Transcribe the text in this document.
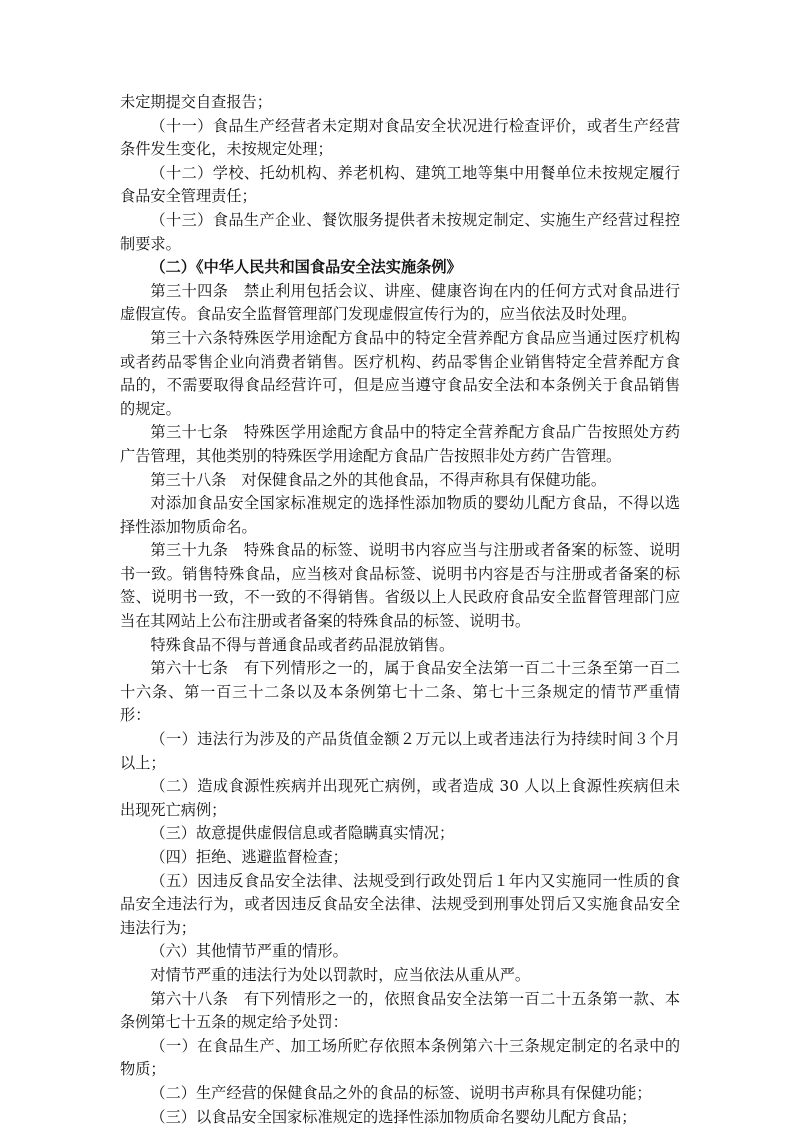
未定期提交自查报告；

（十一）食品生产经营者未定期对食品安全状况进行检查评价，或者生产经营条件发生变化，未按规定处理；

（十二）学校、托幼机构、养老机构、建筑工地等集中用餐单位未按规定履行食品安全管理责任；

（十三）食品生产企业、餐饮服务提供者未按规定制定、实施生产经营过程控制要求。

（二）《中华人民共和国食品安全法实施条例》

第三十四条　禁止利用包括会议、讲座、健康咨询在内的任何方式对食品进行虚假宣传。食品安全监督管理部门发现虚假宣传行为的，应当依法及时处理。

第三十六条特殊医学用途配方食品中的特定全营养配方食品应当通过医疗机构或者药品零售企业向消费者销售。医疗机构、药品零售企业销售特定全营养配方食品的，不需要取得食品经营许可，但是应当遵守食品安全法和本条例关于食品销售的规定。

第三十七条　特殊医学用途配方食品中的特定全营养配方食品广告按照处方药广告管理，其他类别的特殊医学用途配方食品广告按照非处方药广告管理。

第三十八条　对保健食品之外的其他食品，不得声称具有保健功能。

对添加食品安全国家标准规定的选择性添加物质的婴幼儿配方食品，不得以选择性添加物质命名。

第三十九条　特殊食品的标签、说明书内容应当与注册或者备案的标签、说明书一致。销售特殊食品，应当核对食品标签、说明书内容是否与注册或者备案的标签、说明书一致，不一致的不得销售。省级以上人民政府食品安全监督管理部门应当在其网站上公布注册或者备案的特殊食品的标签、说明书。

特殊食品不得与普通食品或者药品混放销售。

第六十七条　有下列情形之一的，属于食品安全法第一百二十三条至第一百二十六条、第一百三十二条以及本条例第七十二条、第七十三条规定的情节严重情形：

（一）违法行为涉及的产品货值金额２万元以上或者违法行为持续时间３个月以上；

（二）造成食源性疾病并出现死亡病例，或者造成 30 人以上食源性疾病但未出现死亡病例；

（三）故意提供虚假信息或者隐瞒真实情况；

（四）拒绝、逃避监督检查；

（五）因违反食品安全法律、法规受到行政处罚后１年内又实施同一性质的食品安全违法行为，或者因违反食品安全法律、法规受到刑事处罚后又实施食品安全违法行为；

（六）其他情节严重的情形。

对情节严重的违法行为处以罚款时，应当依法从重从严。

第六十八条　有下列情形之一的，依照食品安全法第一百二十五条第一款、本条例第七十五条的规定给予处罚：

（一）在食品生产、加工场所贮存依照本条例第六十三条规定制定的名录中的物质；

（二）生产经营的保健食品之外的食品的标签、说明书声称具有保健功能；

（三）以食品安全国家标准规定的选择性添加物质命名婴幼儿配方食品；
